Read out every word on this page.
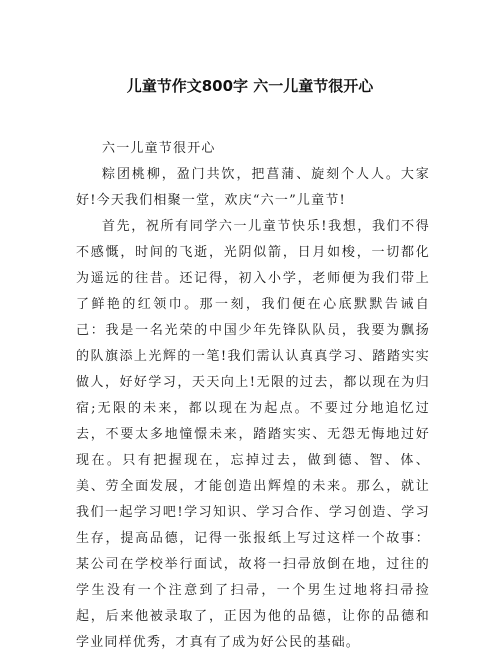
儿童节作文800字 六一儿童节很开心

六一儿童节很开心

粽团桃柳，盈门共饮，把菖蒲、旋刻个人人。大家好!今天我们相聚一堂，欢庆“六一”儿童节!

首先，祝所有同学六一儿童节快乐!我想，我们不得不感慨，时间的飞逝，光阴似箭，日月如梭，一切都化为遥远的往昔。还记得，初入小学，老师便为我们带上了鲜艳的红领巾。那一刻，我们便在心底默默告诫自己：我是一名光荣的中国少年先锋队队员，我要为飘扬的队旗添上光辉的一笔!我们需认认真真学习、踏踏实实做人，好好学习，天天向上!无限的过去，都以现在为归宿;无限的未来，都以现在为起点。不要过分地追忆过去，不要太多地憧憬未来，踏踏实实、无怨无悔地过好现在。只有把握现在，忘掉过去，做到德、智、体、美、劳全面发展，才能创造出辉煌的未来。那么，就让我们一起学习吧!学习知识、学习合作、学习创造、学习生存，提高品德，记得一张报纸上写过这样一个故事：某公司在学校举行面试，故将一扫帚放倒在地，过往的学生没有一个注意到了扫帚，一个男生过地将扫帚捡起，后来他被录取了，正因为他的品德，让你的品德和学业同样优秀，才真有了成为好公民的基础。
